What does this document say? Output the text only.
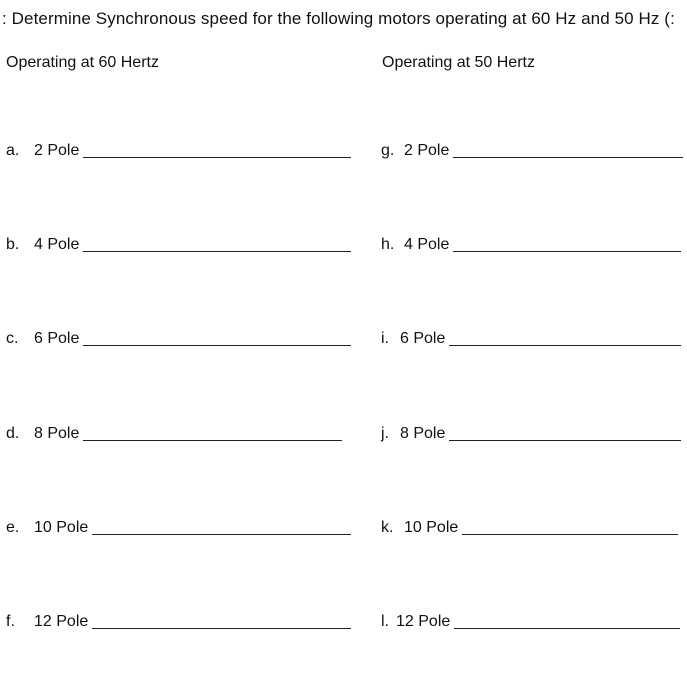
: Determine Synchronous speed for the following motors operating at 60 Hz and 50 Hz (:
Operating at 60 Hertz	Operating at 50 Hertz
a. 2 Pole
b. 4 Pole
c. 6 Pole
d. 8 Pole
e. 10 Pole
f.	12 Pole
g. 2 Pole
h. 4 Pole
i. 6 Pole
j. 8 Pole
k. 10 Pole
l. 12 Pole
